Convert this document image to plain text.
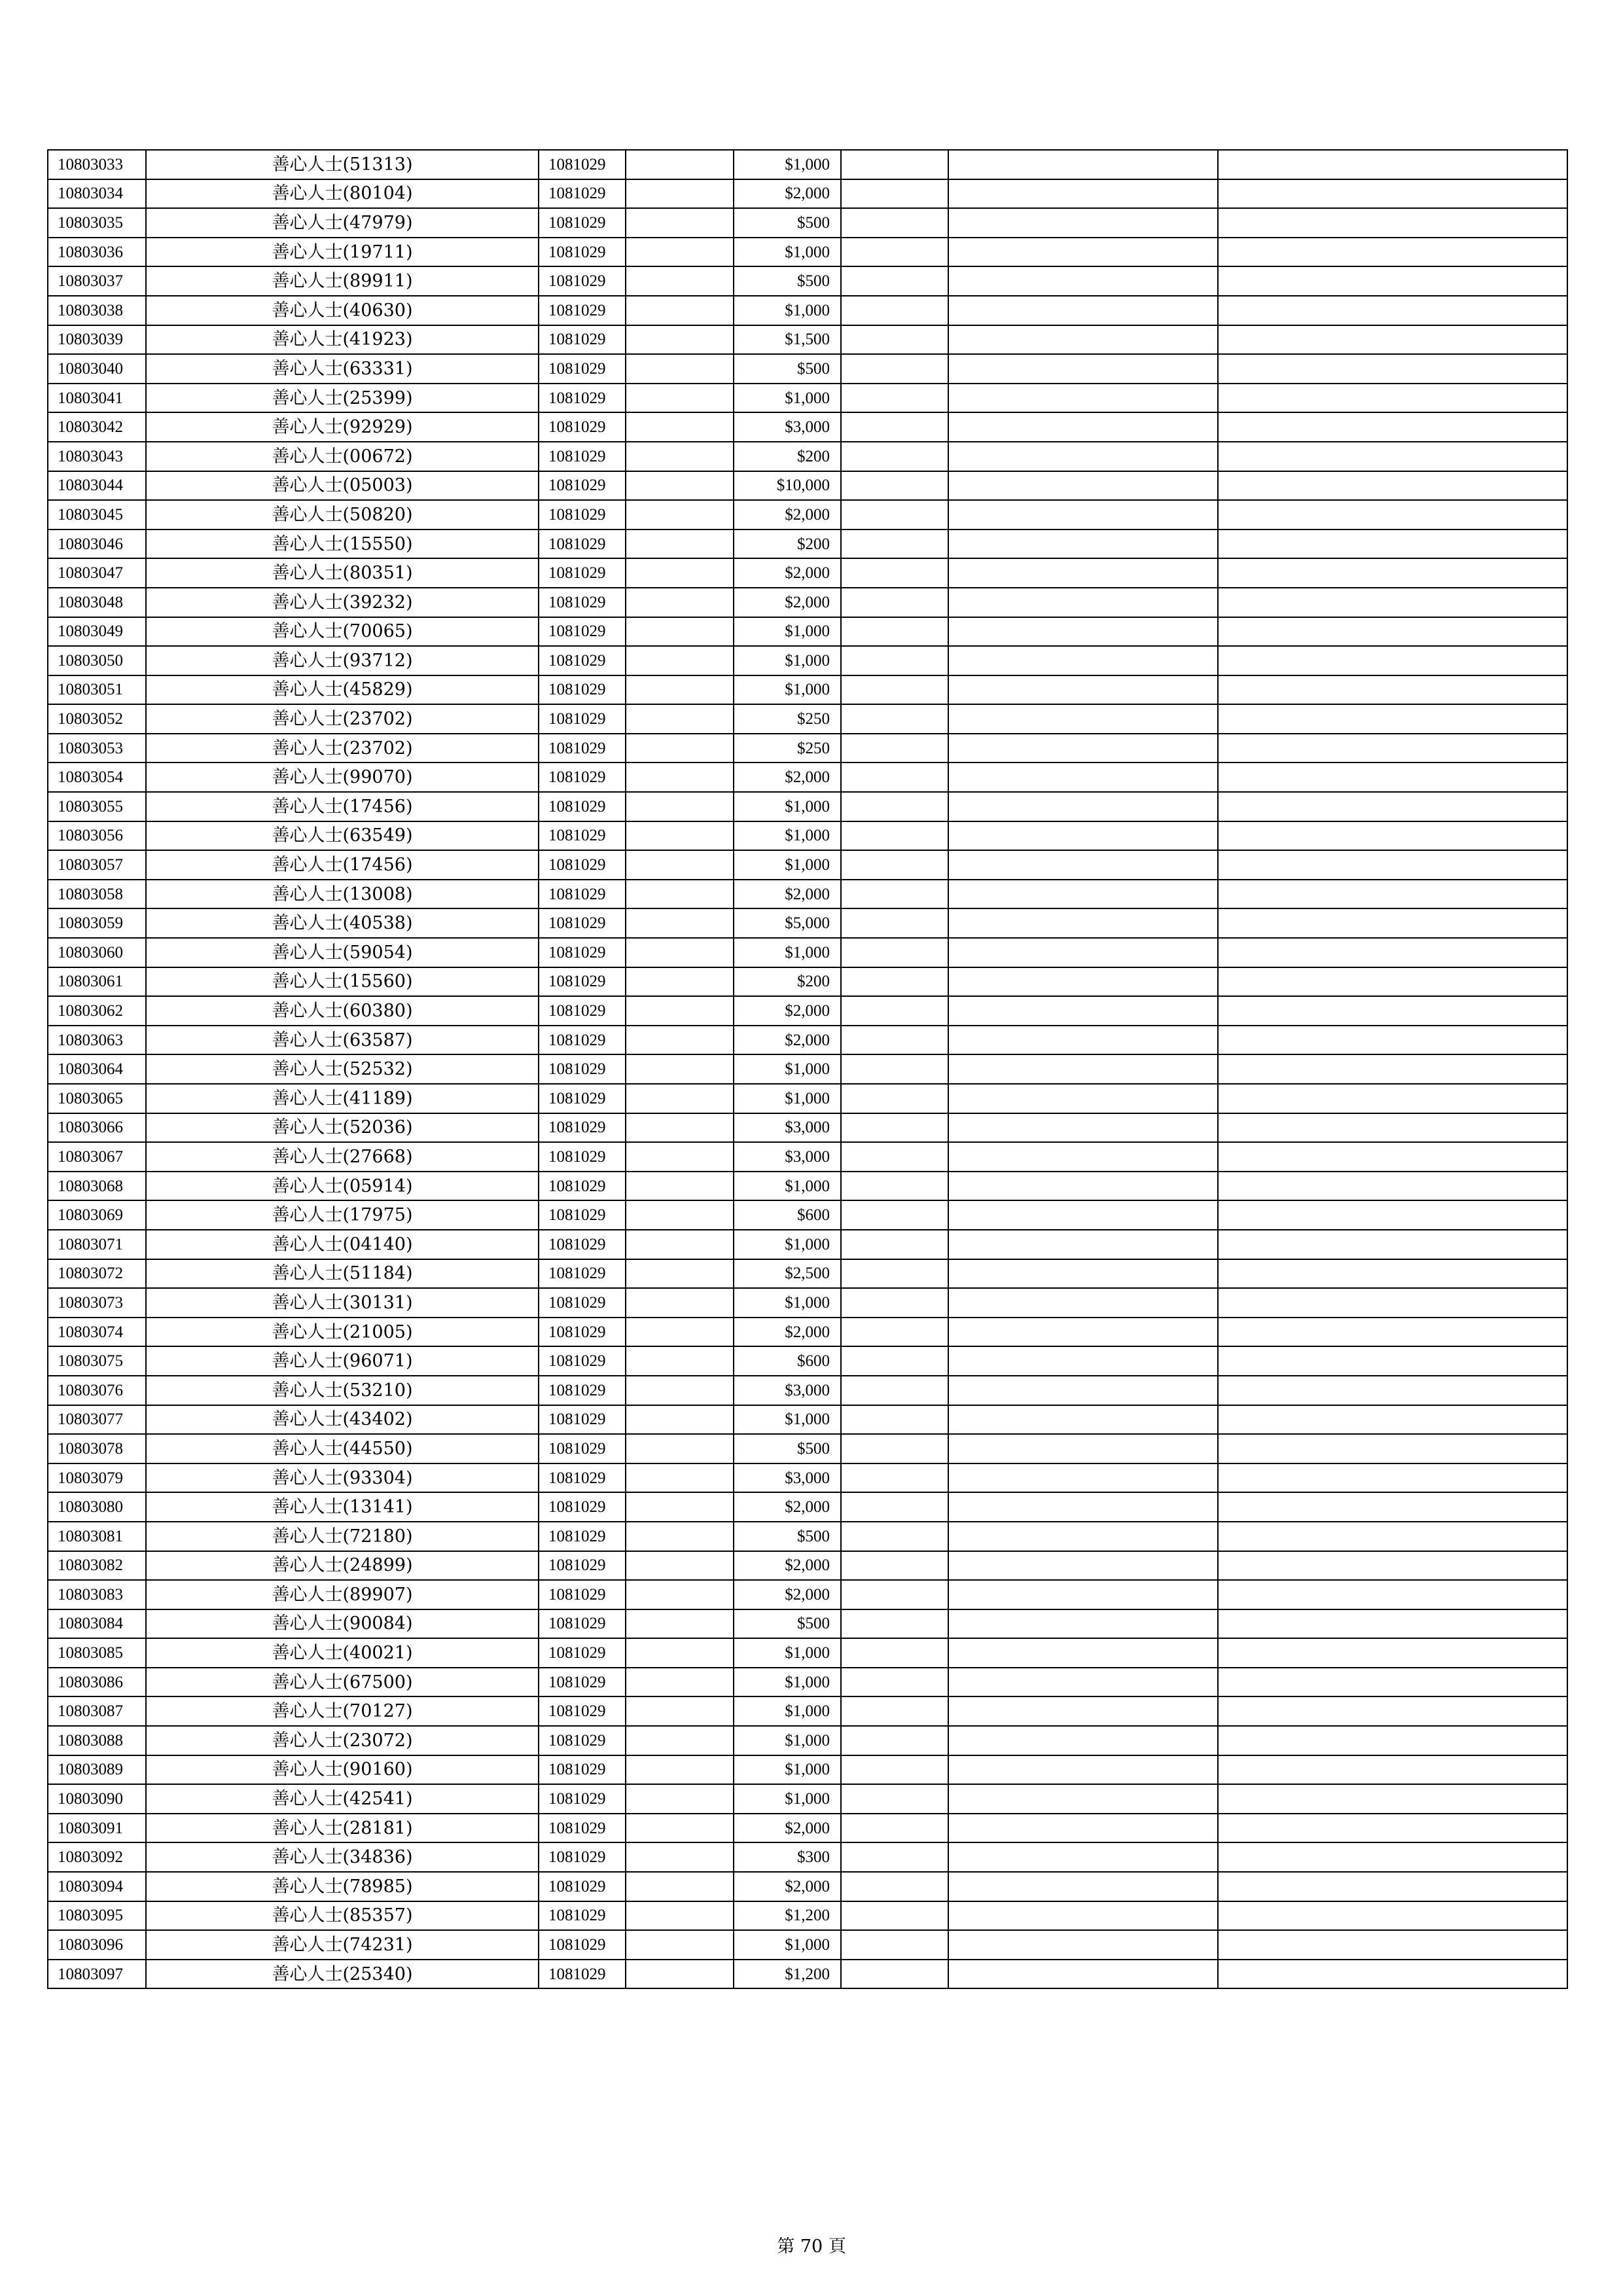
10803033	善心人士(51313)	1081029		$1,000			
10803034	善心人士(80104)	1081029		$2,000			
10803035	善心人士(47979)	1081029		$500			
10803036	善心人士(19711)	1081029		$1,000			
10803037	善心人士(89911)	1081029		$500			
10803038	善心人士(40630)	1081029		$1,000			
10803039	善心人士(41923)	1081029		$1,500			
10803040	善心人士(63331)	1081029		$500			
10803041	善心人士(25399)	1081029		$1,000			
10803042	善心人士(92929)	1081029		$3,000			
10803043	善心人士(00672)	1081029		$200			
10803044	善心人士(05003)	1081029		$10,000			
10803045	善心人士(50820)	1081029		$2,000			
10803046	善心人士(15550)	1081029		$200			
10803047	善心人士(80351)	1081029		$2,000			
10803048	善心人士(39232)	1081029		$2,000			
10803049	善心人士(70065)	1081029		$1,000			
10803050	善心人士(93712)	1081029		$1,000			
10803051	善心人士(45829)	1081029		$1,000			
10803052	善心人士(23702)	1081029		$250			
10803053	善心人士(23702)	1081029		$250			
10803054	善心人士(99070)	1081029		$2,000			
10803055	善心人士(17456)	1081029		$1,000			
10803056	善心人士(63549)	1081029		$1,000			
10803057	善心人士(17456)	1081029		$1,000			
10803058	善心人士(13008)	1081029		$2,000			
10803059	善心人士(40538)	1081029		$5,000			
10803060	善心人士(59054)	1081029		$1,000			
10803061	善心人士(15560)	1081029		$200			
10803062	善心人士(60380)	1081029		$2,000			
10803063	善心人士(63587)	1081029		$2,000			
10803064	善心人士(52532)	1081029		$1,000			
10803065	善心人士(41189)	1081029		$1,000			
10803066	善心人士(52036)	1081029		$3,000			
10803067	善心人士(27668)	1081029		$3,000			
10803068	善心人士(05914)	1081029		$1,000			
10803069	善心人士(17975)	1081029		$600			
10803071	善心人士(04140)	1081029		$1,000			
10803072	善心人士(51184)	1081029		$2,500			
10803073	善心人士(30131)	1081029		$1,000			
10803074	善心人士(21005)	1081029		$2,000			
10803075	善心人士(96071)	1081029		$600			
10803076	善心人士(53210)	1081029		$3,000			
10803077	善心人士(43402)	1081029		$1,000			
10803078	善心人士(44550)	1081029		$500			
10803079	善心人士(93304)	1081029		$3,000			
10803080	善心人士(13141)	1081029		$2,000			
10803081	善心人士(72180)	1081029		$500			
10803082	善心人士(24899)	1081029		$2,000			
10803083	善心人士(89907)	1081029		$2,000			
10803084	善心人士(90084)	1081029		$500			
10803085	善心人士(40021)	1081029		$1,000			
10803086	善心人士(67500)	1081029		$1,000			
10803087	善心人士(70127)	1081029		$1,000			
10803088	善心人士(23072)	1081029		$1,000			
10803089	善心人士(90160)	1081029		$1,000			
10803090	善心人士(42541)	1081029		$1,000			
10803091	善心人士(28181)	1081029		$2,000			
10803092	善心人士(34836)	1081029		$300			
10803094	善心人士(78985)	1081029		$2,000			
10803095	善心人士(85357)	1081029		$1,200			
10803096	善心人士(74231)	1081029		$1,000			
10803097	善心人士(25340)	1081029		$1,200			
第 70 頁
